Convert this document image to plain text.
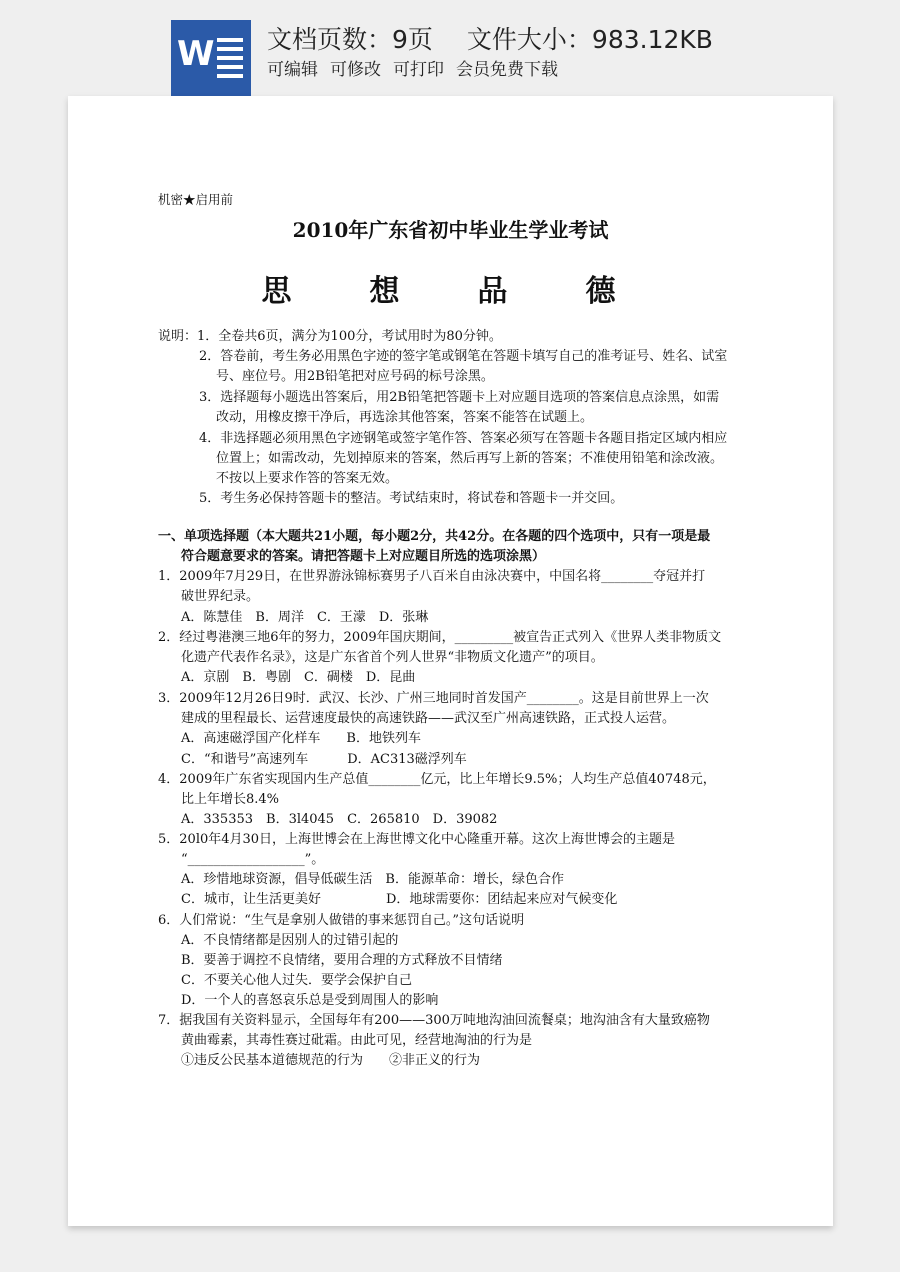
W 文档页数：9页 文件大小：983.12KB
可编辑 可修改 可打印 会员免费下载
机密★启用前
2010年广东省初中毕业生学业考试
思　想　品　德
说明：1．全卷共6页，满分为100分，考试用时为80分钟。
2．答卷前，考生务必用黑色字迹的签字笔或钢笔在答题卡填写自己的准考证号、姓名、试室
号、座位号。用2B铅笔把对应号码的标号涂黑。
3．选择题每小题选出答案后，用2B铅笔把答题卡上对应题目选项的答案信息点涂黑，如需
改动，用橡皮擦干净后，再选涂其他答案，答案不能答在试题上。
4．非选择题必须用黑色字迹钢笔或签字笔作答、答案必须写在答题卡各题目指定区域内相应
位置上；如需改动，先划掉原来的答案，然后再写上新的答案；不准使用铅笔和涂改液。
不按以上要求作答的答案无效。
5．考生务必保持答题卡的整洁。考试结束时，将试卷和答题卡一并交回。
一、单项选择题（本大题共21小题，每小题2分，共42分。在各题的四个选项中，只有一项是最
符合题意要求的答案。请把答题卡上对应题目所选的选项涂黑）
1．2009年7月29日，在世界游泳锦标赛男子八百米自由泳决赛中，中国名将________夺冠并打
破世界纪录。
A．陈慧佳　B．周洋　C．王濛　D．张琳
2．经过粤港澳三地6年的努力，2009年国庆期间，_________被宣告正式列入《世界人类非物质文
化遗产代表作名录》，这是广东省首个列人世界“非物质文化遗产”的项目。
A．京剧　B．粤剧　C．碉楼　D．昆曲
3．2009年12月26日9时．武汉、长沙、广州三地同时首发国产________。这是目前世界上一次
建成的里程最长、运营速度最快的高速铁路——武汉至广州高速铁路，正式投人运营。
A．高速磁浮国产化样车　　B．地铁列车
C．“和谐号”高速列车　　　D．AC313磁浮列车
4．2009年广东省实现国内生产总值________亿元，比上年增长9.5%；人均生产总值40748元，
比上年增长8.4%
A．335353　B．3l4045　C．265810　D．39082
5．20l0年4月30日，上海世博会在上海世博文化中心隆重开幕。这次上海世博会的主题是
“__________________”。
A．珍惜地球资源，倡导低碳生活　B．能源革命：增长，绿色合作
C．城市，让生活更美好　　　　　D．地球需要你：团结起来应对气候变化
6．人们常说：“生气是拿别人做错的事来惩罚自己。”这句话说明
A．不良情绪都是因别人的过错引起的
B．要善于调控不良情绪，要用合理的方式释放不目情绪
C．不要关心他人过失．要学会保护自己
D．一个人的喜怒哀乐总是受到周围人的影响
7．据我国有关资料显示，全国每年有200——300万吨地沟油回流餐桌；地沟油含有大量致癌物
黄曲霉素，其毒性赛过砒霜。由此可见，经营地淘油的行为是
①违反公民基本道德规范的行为　　②非正义的行为
